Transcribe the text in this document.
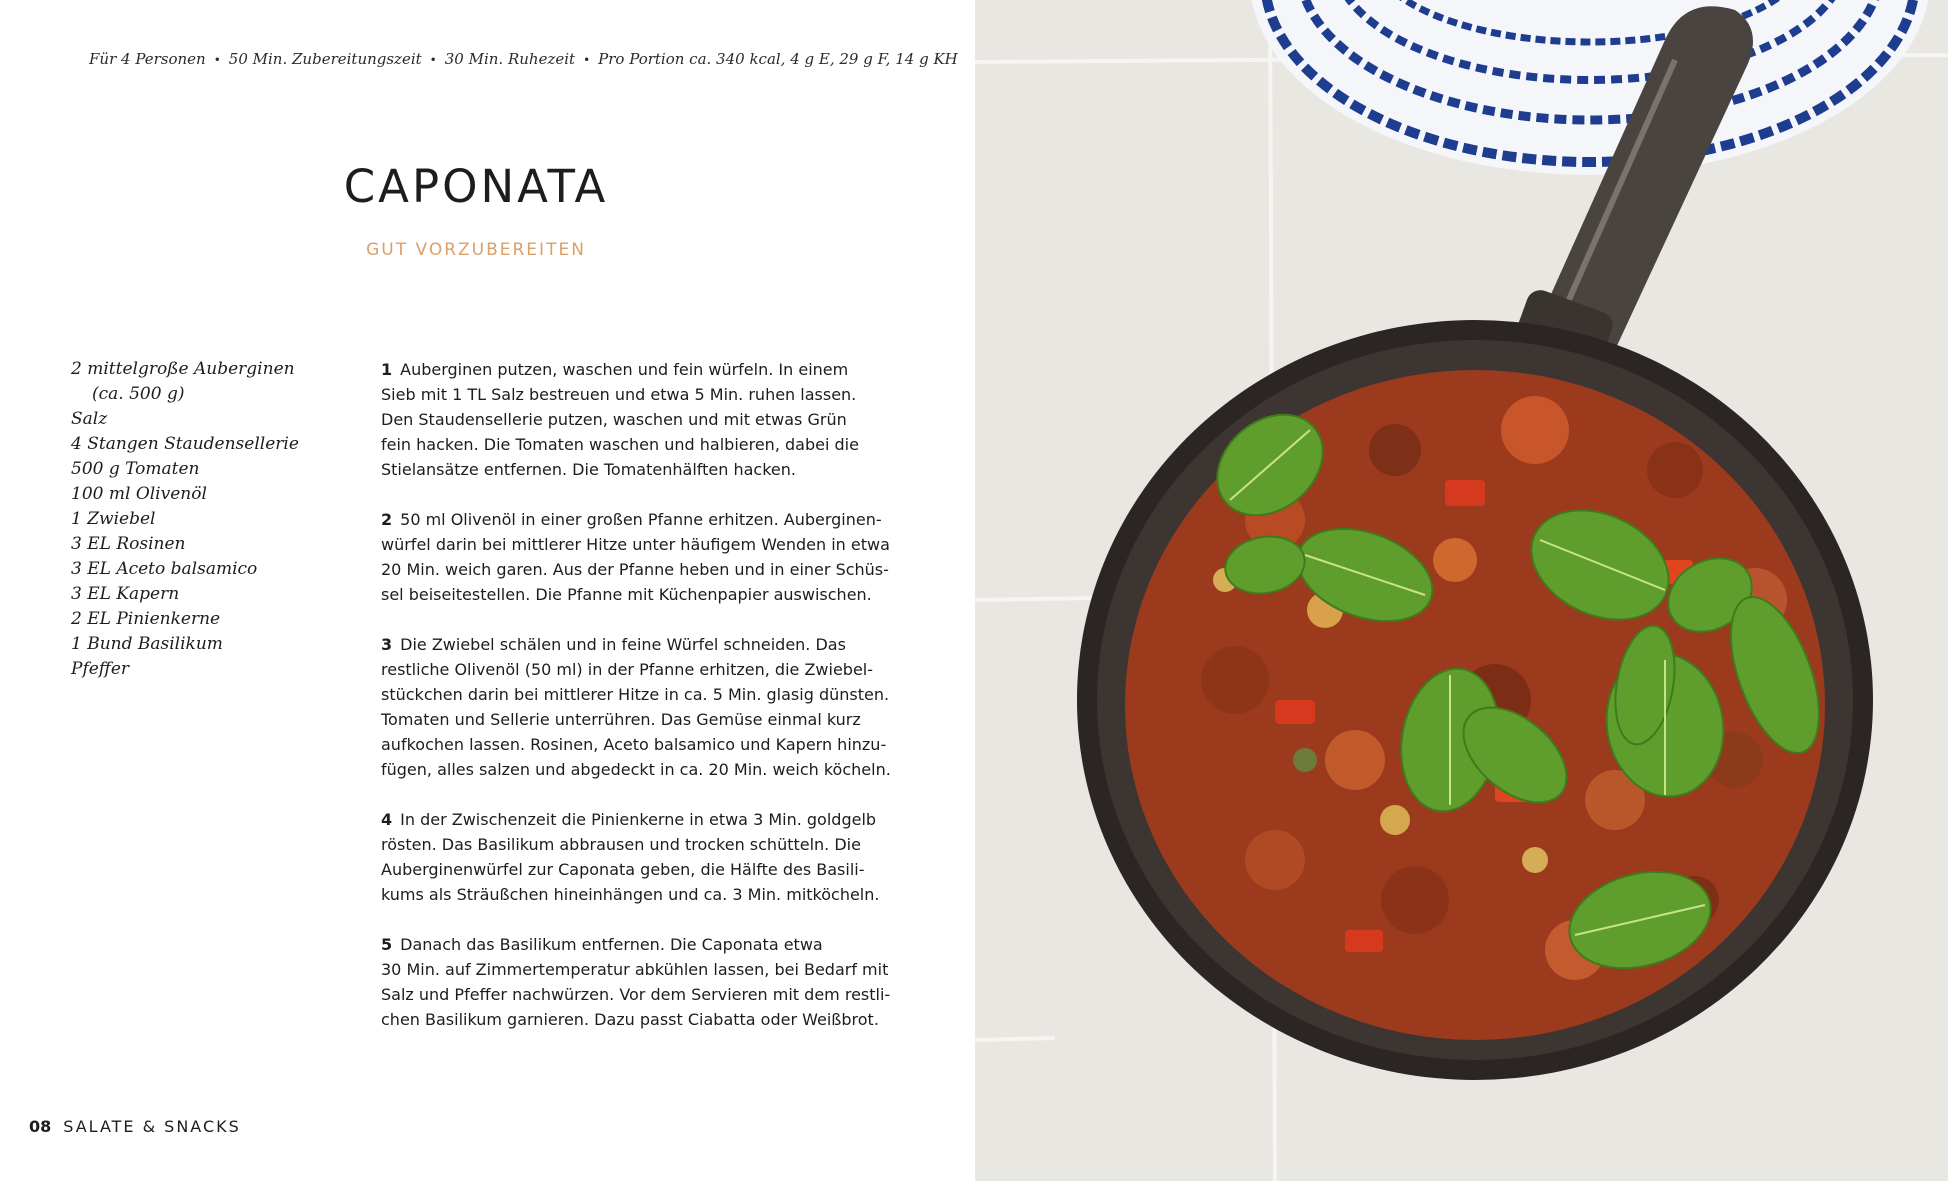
Für 4 Personen • 50 Min. Zubereitungszeit • 30 Min. Ruhezeit • Pro Portion ca. 340 kcal, 4 g E, 29 g F, 14 g KH
CAPONATA
GUT VORZUBEREITEN
2 mittelgroße Auberginen
(ca. 500 g)
Salz
4 Stangen Staudensellerie
500 g Tomaten
100 ml Olivenöl
1 Zwiebel
3 EL Rosinen
3 EL Aceto balsamico
3 EL Kapern
2 EL Pinienkerne
1 Bund Basilikum
Pfeffer

1 Auberginen putzen, waschen und fein würfeln. In einem
Sieb mit 1 TL Salz bestreuen und etwa 5 Min. ruhen lassen.
Den Staudensellerie putzen, waschen und mit etwas Grün
fein hacken. Die Tomaten waschen und halbieren, dabei die
Stielansätze entfernen. Die Tomatenhälften hacken.

2 50 ml Olivenöl in einer großen Pfanne erhitzen. Auberginen-
würfel darin bei mittlerer Hitze unter häufigem Wenden in etwa
20 Min. weich garen. Aus der Pfanne heben und in einer Schüs-
sel beiseitestellen. Die Pfanne mit Küchenpapier auswischen.

3 Die Zwiebel schälen und in feine Würfel schneiden. Das
restliche Olivenöl (50 ml) in der Pfanne erhitzen, die Zwiebel-
stückchen darin bei mittlerer Hitze in ca. 5 Min. glasig dünsten.
Tomaten und Sellerie unterrühren. Das Gemüse einmal kurz
aufkochen lassen. Rosinen, Aceto balsamico und Kapern hinzu-
fügen, alles salzen und abgedeckt in ca. 20 Min. weich köcheln.

4 In der Zwischenzeit die Pinienkerne in etwa 3 Min. goldgelb
rösten. Das Basilikum abbrausen und trocken schütteln. Die
Auberginenwürfel zur Caponata geben, die Hälfte des Basili-
kums als Sträußchen hineinhängen und ca. 3 Min. mitköcheln.

5 Danach das Basilikum entfernen. Die Caponata etwa
30 Min. auf Zimmertemperatur abkühlen lassen, bei Bedarf mit
Salz und Pfeffer nachwürzen. Vor dem Servieren mit dem restli-
chen Basilikum garnieren. Dazu passt Ciabatta oder Weißbrot.

08 SALATE & SNACKS
